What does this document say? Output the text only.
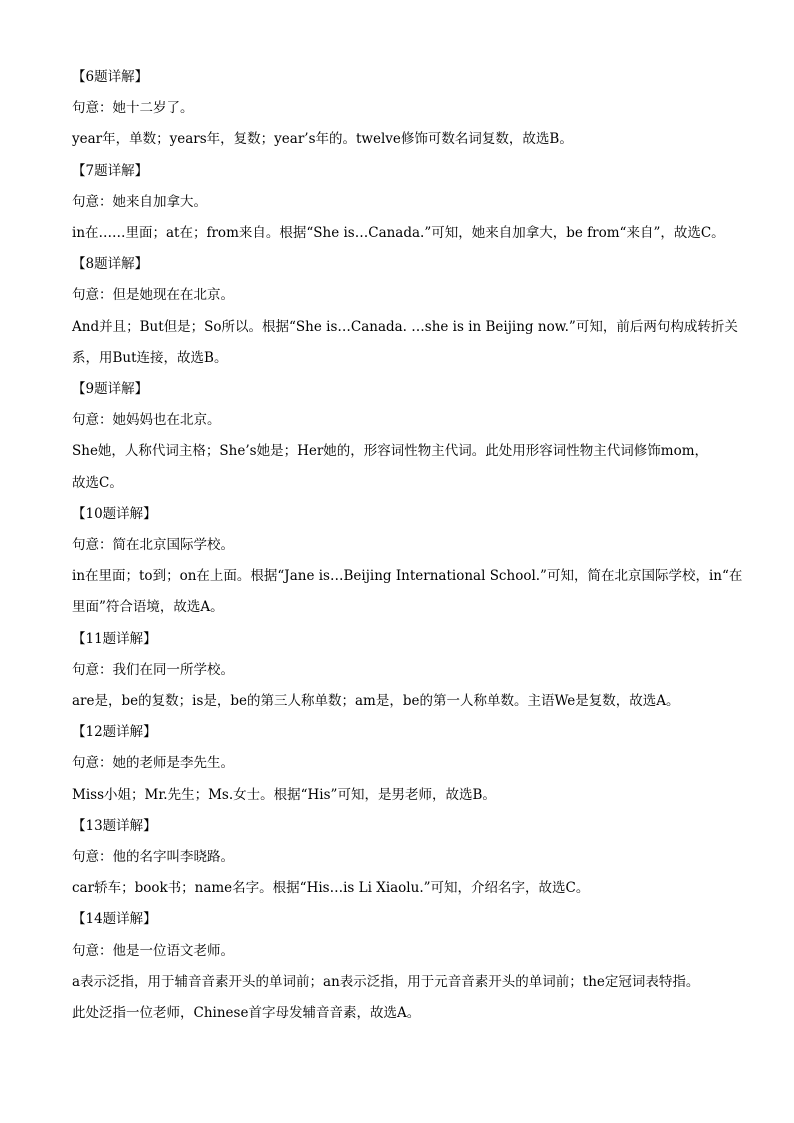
【6题详解】
句意：她十二岁了。
year年，单数；years年，复数；year’s年的。twelve修饰可数名词复数，故选B。
【7题详解】
句意：她来自加拿大。
in在……里面；at在；from来自。根据“She is…Canada.”可知，她来自加拿大，be from“来自”，故选C。
【8题详解】
句意：但是她现在在北京。
And并且；But但是；So所以。根据“She is…Canada. …she is in Beijing now.”可知，前后两句构成转折关
系，用But连接，故选B。
【9题详解】
句意：她妈妈也在北京。
She她，人称代词主格；She’s她是；Her她的，形容词性物主代词。此处用形容词性物主代词修饰mom，
故选C。
【10题详解】
句意：简在北京国际学校。
in在里面；to到；on在上面。根据“Jane is…Beijing International School.”可知，简在北京国际学校，in“在
里面”符合语境，故选A。
【11题详解】
句意：我们在同一所学校。
are是，be的复数；is是，be的第三人称单数；am是，be的第一人称单数。主语We是复数，故选A。
【12题详解】
句意：她的老师是李先生。
Miss小姐；Mr.先生；Ms.女士。根据“His”可知，是男老师，故选B。
【13题详解】
句意：他的名字叫李晓路。
car轿车；book书；name名字。根据“His…is Li Xiaolu.”可知，介绍名字，故选C。
【14题详解】
句意：他是一位语文老师。
a表示泛指，用于辅音音素开头的单词前；an表示泛指，用于元音音素开头的单词前；the定冠词表特指。
此处泛指一位老师，Chinese首字母发辅音音素，故选A。
